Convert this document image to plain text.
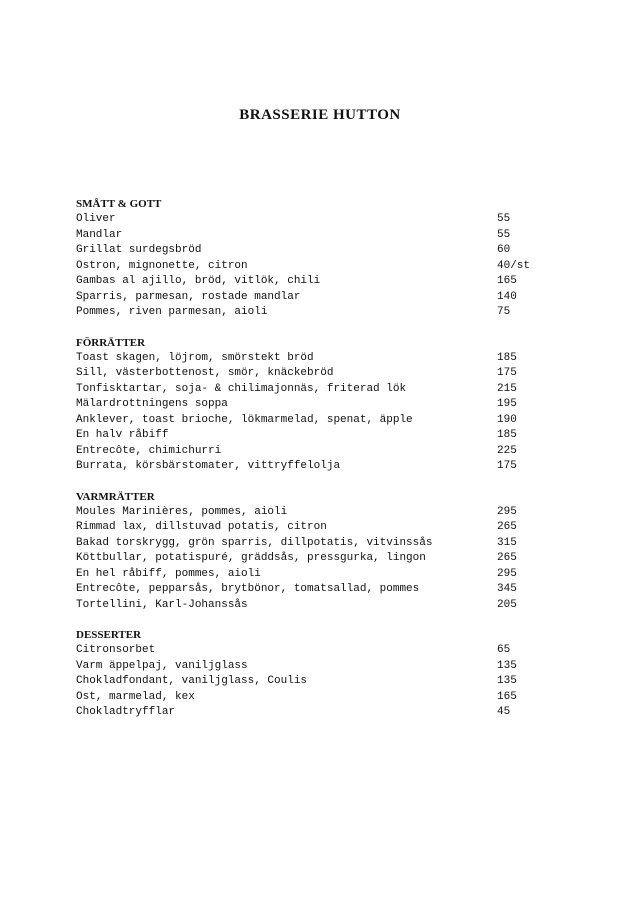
BRASSERIE HUTTON
SMÅTT & GOTT
Oliver	55
Mandlar	55
Grillat surdegsbröd	60
Ostron, mignonette, citron	40/st
Gambas al ajillo, bröd, vitlök, chili	165
Sparris, parmesan, rostade mandlar	140
Pommes, riven parmesan, aioli	75
FÖRRÄTTER
Toast skagen, löjrom, smörstekt bröd	185
Sill, västerbottenost, smör, knäckebröd	175
Tonfisktartar, soja- & chilimajonnäs, friterad lök	215
Mälardrottningens soppa	195
Anklever, toast brioche, lökmarmelad, spenat, äpple	190
En halv råbiff	185
Entrecôte, chimichurri	225
Burrata, körsbärstomater, vittryffelolja	175
VARMRÄTTER
Moules Marinières, pommes, aioli	295
Rimmad lax, dillstuvad potatis, citron	265
Bakad torskrygg, grön sparris, dillpotatis, vitvinssås	315
Köttbullar, potatispuré, gräddsås, pressgurka, lingon	265
En hel råbiff, pommes, aioli	295
Entrecôte, pepparsås, brytbönor, tomatsallad, pommes	345
Tortellini, Karl-Johanssås	205
DESSERTER
Citronsorbet	65
Varm äppelpaj, vaniljglass	135
Chokladfondant, vaniljglass, Coulis	135
Ost, marmelad, kex	165
Chokladtryfflar	45
